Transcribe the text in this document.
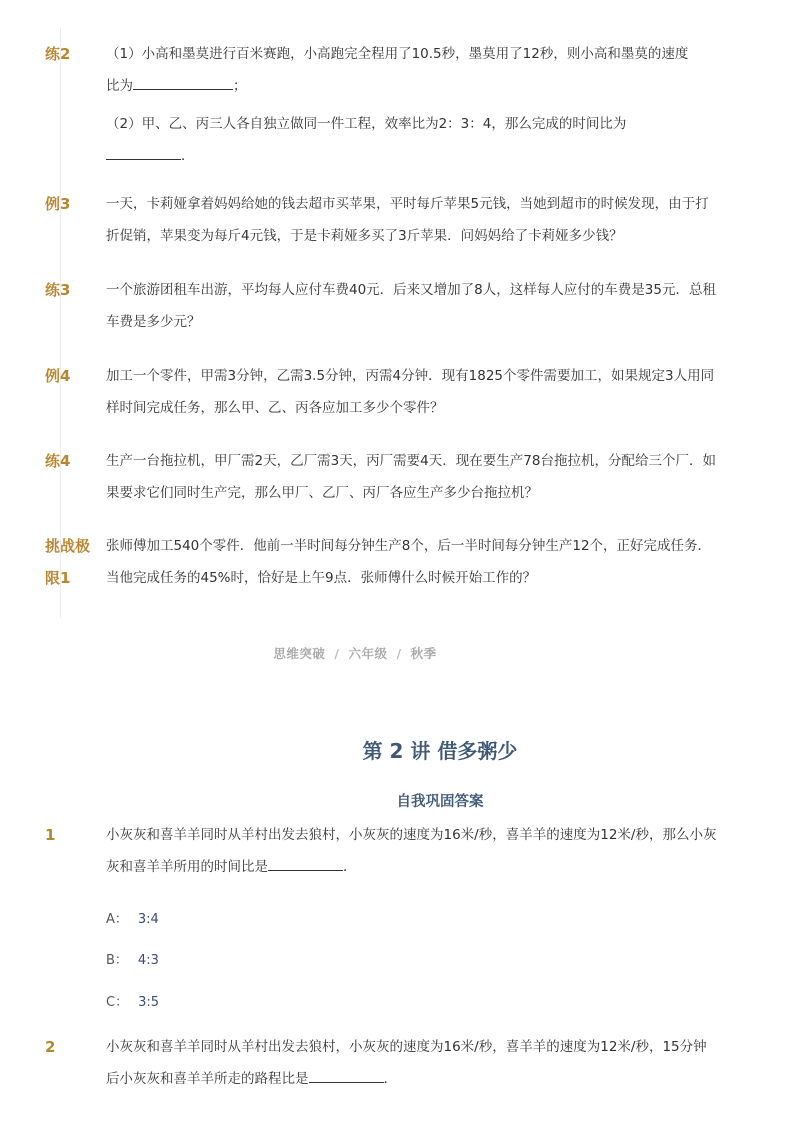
练2	（1）小高和墨莫进行百米赛跑，小高跑完全程用了10.5秒，墨莫用了12秒，则小高和墨莫的速度
比为	；
（2）甲、乙、丙三人各自独立做同一件工程，效率比为2：3：4，那么完成的时间比为
．
例3	一天，卡莉娅拿着妈妈给她的钱去超市买苹果，平时每斤苹果5元钱，当她到超市的时候发现，由于打折促销，苹果变为每斤4元钱，于是卡莉娅多买了3斤苹果．问妈妈给了卡莉娅多少钱？
练3	一个旅游团租车出游，平均每人应付车费40元．后来又增加了8人，这样每人应付的车费是35元．总租车费是多少元？
例4	加工一个零件，甲需3分钟，乙需3.5分钟，丙需4分钟．现有1825个零件需要加工，如果规定3人用同样时间完成任务，那么甲、乙、丙各应加工多少个零件？
练4	生产一台拖拉机，甲厂需2天，乙厂需3天，丙厂需要4天．现在要生产78台拖拉机，分配给三个厂．如果要求它们同时生产完，那么甲厂、乙厂、丙厂各应生产多少台拖拉机？
挑战极限1
张师傅加工540个零件．他前一半时间每分钟生产8个，后一半时间每分钟生产12个，正好完成任务．当他完成任务的45%时，恰好是上午9点．张师傅什么时候开始工作的？
思维突破 / 六年级 / 秋季
第 2 讲 借多粥少
自我巩固答案
1	小灰灰和喜羊羊同时从羊村出发去狼村，小灰灰的速度为16米/秒，喜羊羊的速度为12米/秒，那么小灰灰和喜羊羊所用的时间比是	．
A： 3:4
B： 4:3
C： 3:5
2	小灰灰和喜羊羊同时从羊村出发去狼村，小灰灰的速度为16米/秒，喜羊羊的速度为12米/秒，15分钟后小灰灰和喜羊羊所走的路程比是	．
